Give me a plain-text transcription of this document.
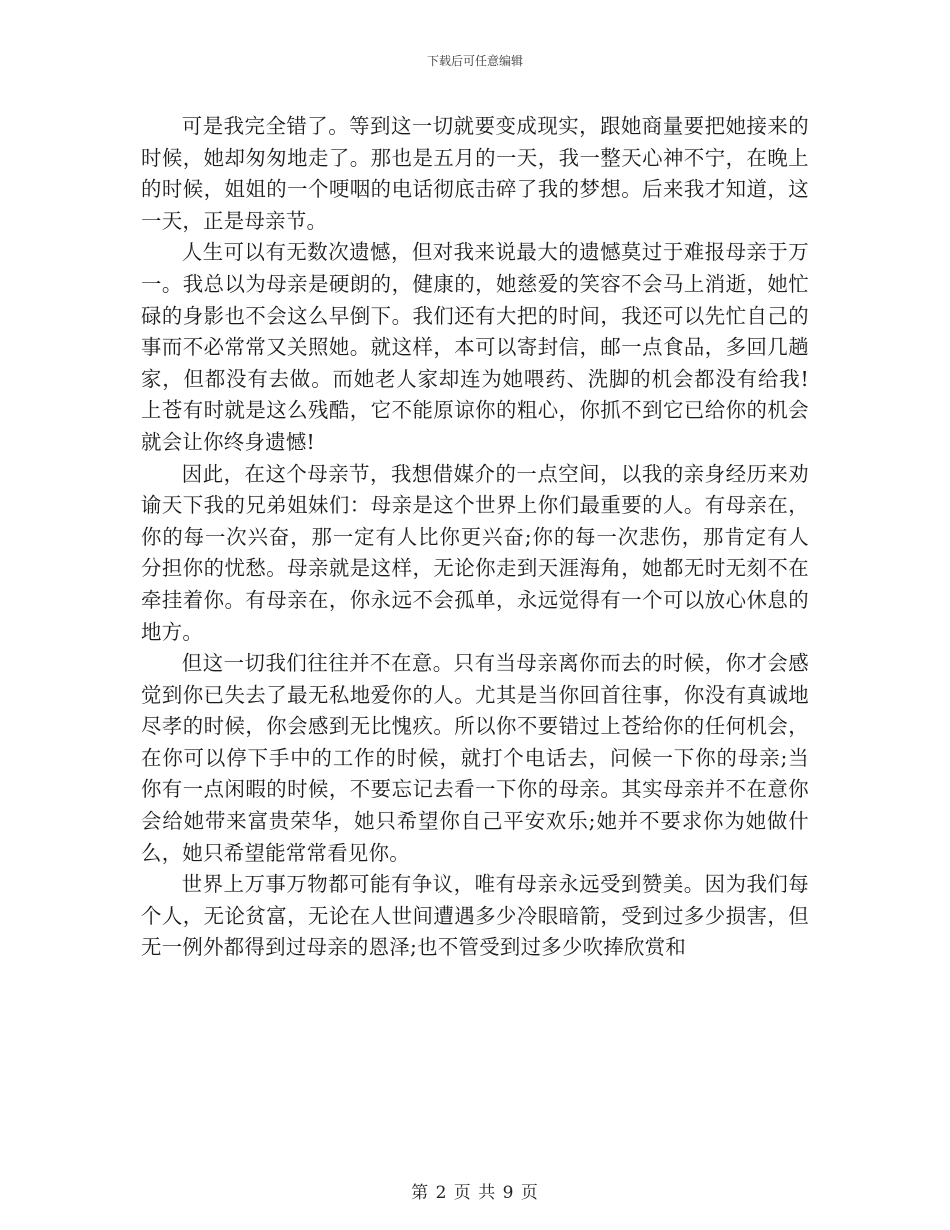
下载后可任意编辑

可是我完全错了。等到这一切就要变成现实，跟她商量要把她接来的时候，她却匆匆地走了。那也是五月的一天，我一整天心神不宁，在晚上的时候，姐姐的一个哽咽的电话彻底击碎了我的梦想。后来我才知道，这一天，正是母亲节。

人生可以有无数次遗憾，但对我来说最大的遗憾莫过于难报母亲于万一。我总以为母亲是硬朗的，健康的，她慈爱的笑容不会马上消逝，她忙碌的身影也不会这么早倒下。我们还有大把的时间，我还可以先忙自己的事而不必常常又关照她。就这样，本可以寄封信，邮一点食品，多回几趟家，但都没有去做。而她老人家却连为她喂药、洗脚的机会都没有给我!上苍有时就是这么残酷，它不能原谅你的粗心，你抓不到它已给你的机会就会让你终身遗憾!

因此，在这个母亲节，我想借媒介的一点空间，以我的亲身经历来劝谕天下我的兄弟姐妹们：母亲是这个世界上你们最重要的人。有母亲在，你的每一次兴奋，那一定有人比你更兴奋;你的每一次悲伤，那肯定有人分担你的忧愁。母亲就是这样，无论你走到天涯海角，她都无时无刻不在牵挂着你。有母亲在，你永远不会孤单，永远觉得有一个可以放心休息的地方。

但这一切我们往往并不在意。只有当母亲离你而去的时候，你才会感觉到你已失去了最无私地爱你的人。尤其是当你回首往事，你没有真诚地尽孝的时候，你会感到无比愧疚。所以你不要错过上苍给你的任何机会，在你可以停下手中的工作的时候，就打个电话去，问候一下你的母亲;当你有一点闲暇的时候，不要忘记去看一下你的母亲。其实母亲并不在意你会给她带来富贵荣华，她只希望你自己平安欢乐;她并不要求你为她做什么，她只希望能常常看见你。

世界上万事万物都可能有争议，唯有母亲永远受到赞美。因为我们每个人，无论贫富，无论在人世间遭遇多少冷眼暗箭，受到过多少损害，但无一例外都得到过母亲的恩泽;也不管受到过多少吹捧欣赏和

第 2 页 共 9 页
